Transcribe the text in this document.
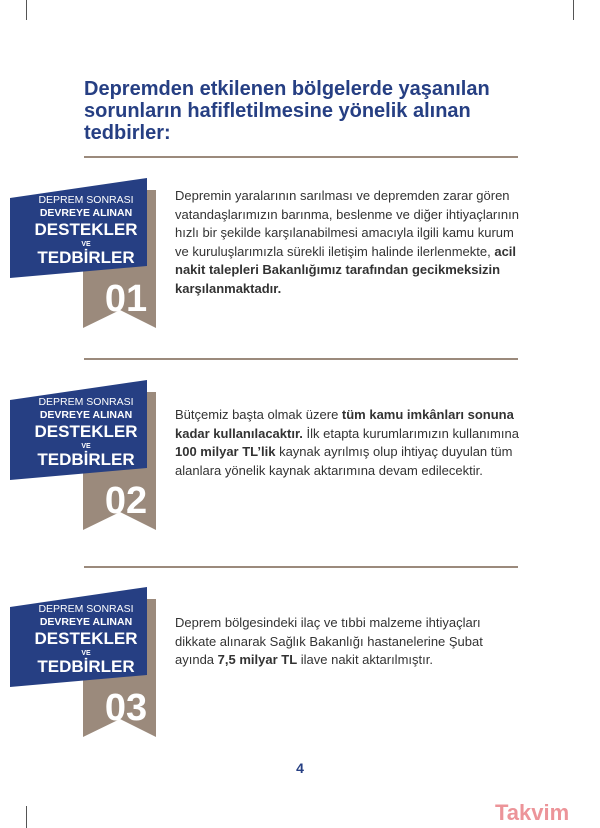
Depremden etkilenen bölgelerde yaşanılan sorunların hafifletilmesine yönelik alınan tedbirler:
DEPREM SONRASI
DEVREYE ALINAN
DESTEKLER
VE
TEDBİRLER
01
Depremin yaralarının sarılması ve depremden zarar gören vatandaşlarımızın barınma, beslenme ve diğer ihtiyaçlarının hızlı bir şekilde karşılanabilmesi amacıyla ilgili kamu kurum ve kuruluşlarımızla sürekli iletişim halinde ilerlenmekte, acil nakit talepleri Bakanlığımız tarafından gecikmeksizin karşılanmaktadır.
DEPREM SONRASI
DEVREYE ALINAN
DESTEKLER
VE
TEDBİRLER
02
Bütçemiz başta olmak üzere tüm kamu imkânları sonuna kadar kullanılacaktır. İlk etapta kurumlarımızın kullanımına 100 milyar TL’lik kaynak ayrılmış olup ihtiyaç duyulan tüm alanlara yönelik kaynak aktarımına devam edilecektir.
DEPREM SONRASI
DEVREYE ALINAN
DESTEKLER
VE
TEDBİRLER
03
Deprem bölgesindeki ilaç ve tıbbi malzeme ihtiyaçları dikkate alınarak Sağlık Bakanlığı hastanelerine Şubat ayında 7,5 milyar TL ilave nakit aktarılmıştır.
4
Takvim
